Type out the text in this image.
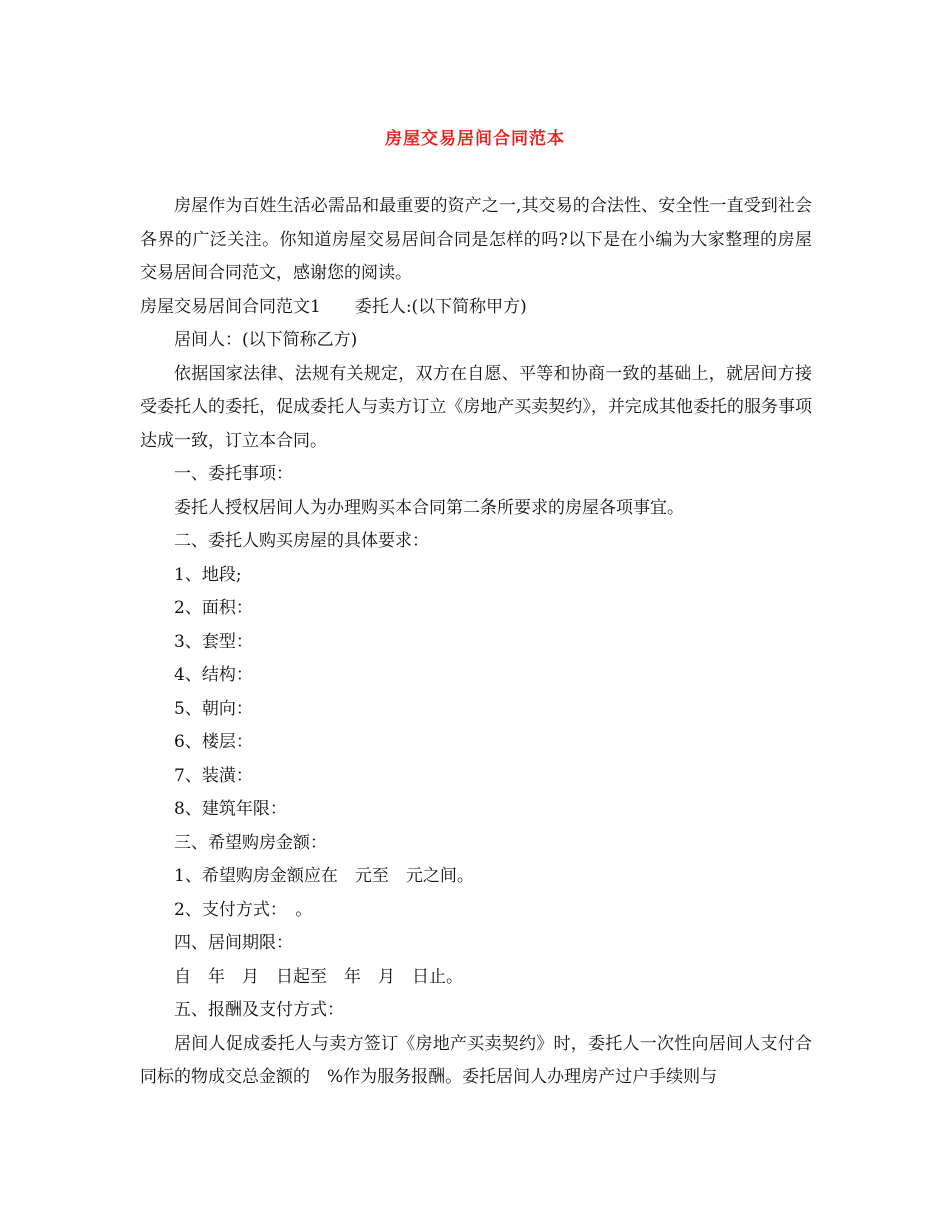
房屋交易居间合同范本

房屋作为百姓生活必需品和最重要的资产之一,其交易的合法性、安全性一直受到社会各界的广泛关注。你知道房屋交易居间合同是怎样的吗?以下是在小编为大家整理的房屋交易居间合同范文，感谢您的阅读。

房屋交易居间合同范文1　　委托人:(以下简称甲方)

居间人：(以下简称乙方)

依据国家法律、法规有关规定，双方在自愿、平等和协商一致的基础上，就居间方接受委托人的委托，促成委托人与卖方订立《房地产买卖契约》，并完成其他委托的服务事项达成一致，订立本合同。

一、委托事项：

委托人授权居间人为办理购买本合同第二条所要求的房屋各项事宜。

二、委托人购买房屋的具体要求：

1、地段;

2、面积：

3、套型：

4、结构：

5、朝向：

6、楼层：

7、装潢：

8、建筑年限：

三、希望购房金额：

1、希望购房金额应在　元至　元之间。

2、支付方式：　。

四、居间期限：

自　年　月　日起至　年　月　日止。

五、报酬及支付方式：

居间人促成委托人与卖方签订《房地产买卖契约》时，委托人一次性向居间人支付合同标的物成交总金额的　%作为服务报酬。委托居间人办理房产过户手续则与
